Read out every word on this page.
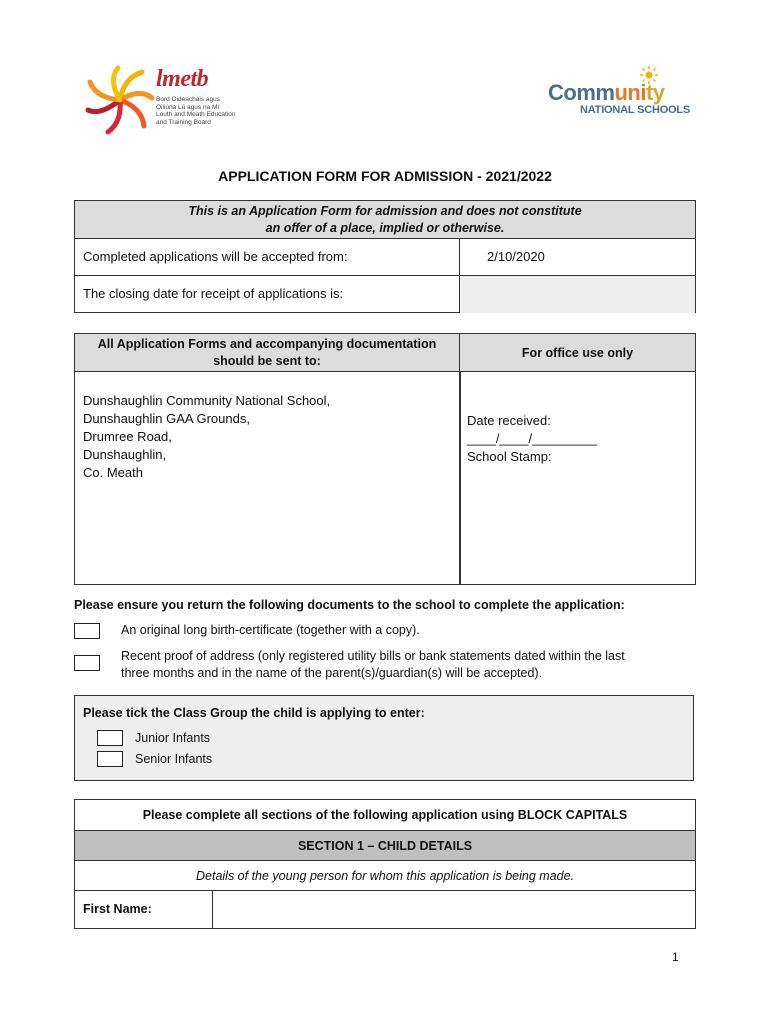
lmetb
Bord Oideachais agus
Oiliúna Lú agus na Mí
Louth and Meath Education
and Training Board
Community
NATIONAL SCHOOLS
APPLICATION FORM FOR ADMISSION - 2021/2022
This is an Application Form for admission and does not constitute
an offer of a place, implied or otherwise.
Completed applications will be accepted from:	2/10/2020
The closing date for receipt of applications is:
All Application Forms and accompanying documentation
should be sent to:
For office use only
Dunshaughlin Community National School,
Dunshaughlin GAA Grounds,
Drumree Road,
Dunshaughlin,
Co. Meath
Date received:
____/____/_________
School Stamp:
Please ensure you return the following documents to the school to complete the application:
An original long birth-certificate (together with a copy).
Recent proof of address (only registered utility bills or bank statements dated within the last
three months and in the name of the parent(s)/guardian(s) will be accepted).
Please tick the Class Group the child is applying to enter:
Junior Infants
Senior Infants
Please complete all sections of the following application using BLOCK CAPITALS
SECTION 1 – CHILD DETAILS
Details of the young person for whom this application is being made.
First Name:
1
